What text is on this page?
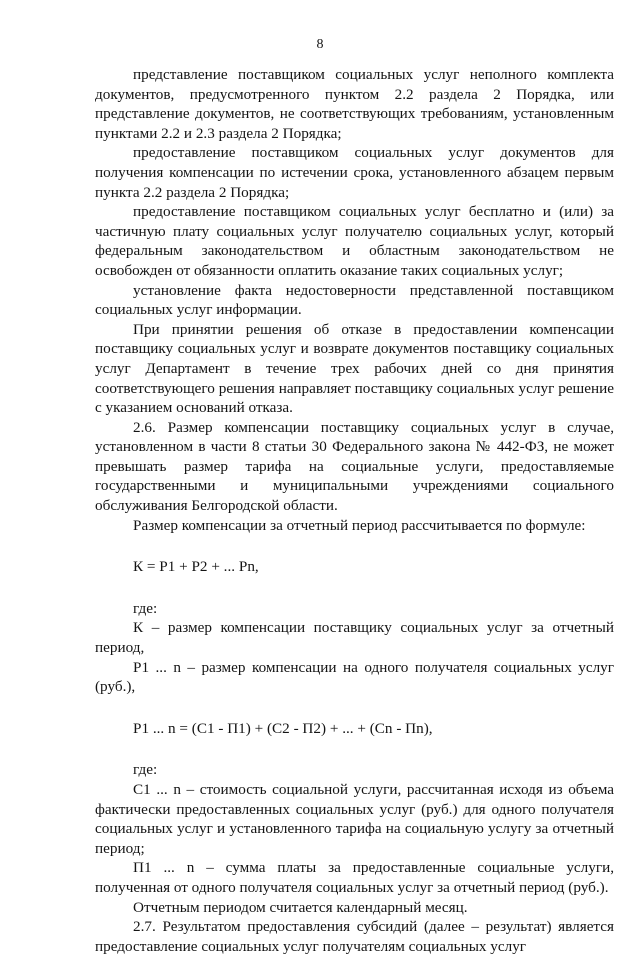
8

представление поставщиком социальных услуг неполного комплекта документов, предусмотренного пунктом 2.2 раздела 2 Порядка, или представление документов, не соответствующих требованиям, установленным пунктами 2.2 и 2.3 раздела 2 Порядка;

предоставление поставщиком социальных услуг документов для получения компенсации по истечении срока, установленного абзацем первым пункта 2.2 раздела 2 Порядка;

предоставление поставщиком социальных услуг бесплатно и (или) за частичную плату социальных услуг получателю социальных услуг, который федеральным законодательством и областным законодательством не освобожден от обязанности оплатить оказание таких социальных услуг;

установление факта недостоверности представленной поставщиком социальных услуг информации.

При принятии решения об отказе в предоставлении компенсации поставщику социальных услуг и возврате документов поставщику социальных услуг Департамент в течение трех рабочих дней со дня принятия соответствующего решения направляет поставщику социальных услуг решение с указанием оснований отказа.

2.6. Размер компенсации поставщику социальных услуг в случае, установленном в части 8 статьи 30 Федерального закона № 442-ФЗ, не может превышать размер тарифа на социальные услуги, предоставляемые государственными и муниципальными учреждениями социального обслуживания Белгородской области.

Размер компенсации за отчетный период рассчитывается по формуле:

К = Р1 + Р2 + ... Рn,

где:

К – размер компенсации поставщику социальных услуг за отчетный период,

Р1 ... n – размер компенсации на одного получателя социальных услуг (руб.),

Р1 ... n = (С1 - П1) + (С2 - П2) + ... + (Сn - Пn),

где:

С1 ... n – стоимость социальной услуги, рассчитанная исходя из объема фактически предоставленных социальных услуг (руб.) для одного получателя социальных услуг и установленного тарифа на социальную услугу за отчетный период;

П1 ... n – сумма платы за предоставленные социальные услуги, полученная от одного получателя социальных услуг за отчетный период (руб.).

Отчетным периодом считается календарный месяц.

2.7. Результатом предоставления субсидий (далее – результат) является предоставление социальных услуг получателям социальных услуг
